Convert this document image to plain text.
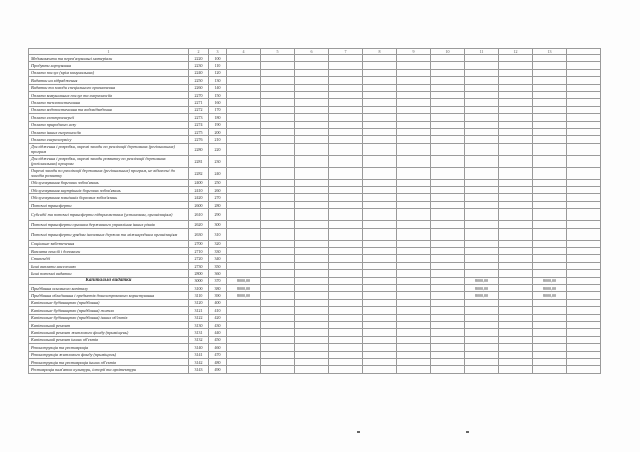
1	2	3	4	5	6	7	8	9	10	11	12	13	
Медикаменти та перев'язувальні матеріали	2220	100											
Продукти харчування	2230	110											
Оплата послуг (крім комунальних)	2240	120											
Видатки на відрядження	2250	130											
Видатки та заходи спеціального призначення	2260	140											
Оплата комунальних послуг та енергоносіїв	2270	150											
Оплата теплопостачання	2271	160											
Оплата водопостачання та водовідведення	2272	170											
Оплата електроенергії	2273	180											
Оплата природного газу	2274	190											
Оплата інших енергоносіїв	2275	200											
Оплата енергосервісу	2276	210											
Дослідження і розробки, окремі заходи по реалізації державних (регіональних) програм	2280	220											
Дослідження і розробки, окремі заходи розвитку по реалізації державних (регіональних) програм	2281	230											
Окремі заходи по реалізації державних (регіональних) програм, не віднесені до заходів розвитку	2282	240											
Обслуговування боргових зобов'язань	2400	250											
Обслуговування внутрішніх боргових зобов'язань	2410	260											
Обслуговування зовнішніх боргових зобов'язань	2420	270											
Поточні трансферти	2600	280											
Субсидії та поточні трансферти підприємствам (установам, організаціям)	2610	290											
Поточні трансферти органам державного управління інших рівнів	2620	300											
Поточні трансферти урядам іноземних держав та міжнародним організаціям	2630	310											
Соціальне забезпечення	2700	320											
Виплата пенсій і допомоги	2710	330											
Стипендії	2720	340											
Інші виплати населенню	2730	350											
Інші поточні видатки	2800	360											
Капітальні видатки	3000	370	8000,00							8000,00		8000,00	
Придбання основного капіталу	3100	380	8000,00							8000,00		8000,00	
Придбання обладнання і предметів довгострокового користування	3110	390	8000,00							8000,00		8000,00	
Капітальне будівництво (придбання)	3120	400											
Капітальне будівництво (придбання) житла	3121	410											
Капітальне будівництво (придбання) інших об'єктів	3122	420											
Капітальний ремонт	3130	430											
Капітальний ремонт житлового фонду (приміщень)	3131	440											
Капітальний ремонт інших об'єктів	3132	450											
Реконструкція та реставрація	3140	460											
Реконструкція житлового фонду (приміщень)	3141	470											
Реконструкція та реставрація інших об'єктів	3142	480											
Реставрація пам'яток культури, історії та архітектури	3143	490											
